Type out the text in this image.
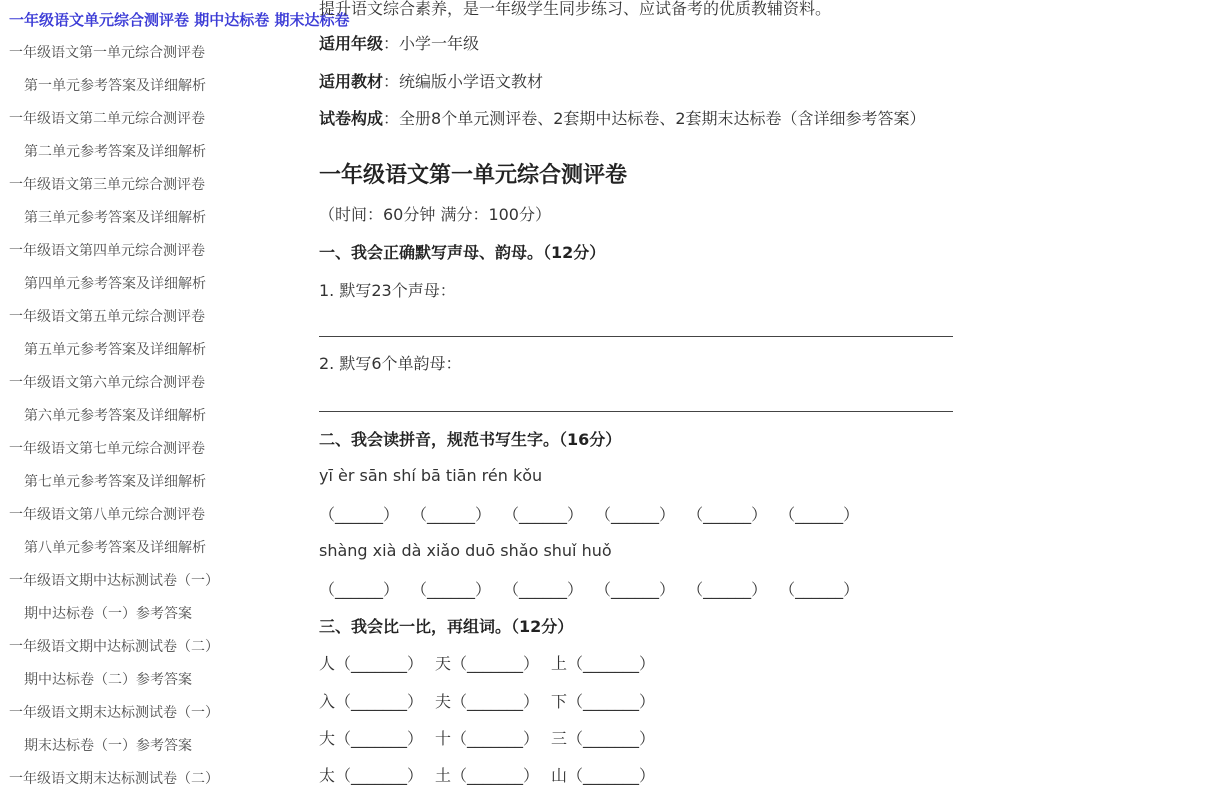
一年级语文单元综合测评卷 期中达标卷 期末达标卷
一年级语文第一单元综合测评卷
第一单元参考答案及详细解析
一年级语文第二单元综合测评卷
第二单元参考答案及详细解析
一年级语文第三单元综合测评卷
第三单元参考答案及详细解析
一年级语文第四单元综合测评卷
第四单元参考答案及详细解析
一年级语文第五单元综合测评卷
第五单元参考答案及详细解析
一年级语文第六单元综合测评卷
第六单元参考答案及详细解析
一年级语文第七单元综合测评卷
第七单元参考答案及详细解析
一年级语文第八单元综合测评卷
第八单元参考答案及详细解析
一年级语文期中达标测试卷（一）
期中达标卷（一）参考答案
一年级语文期中达标测试卷（二）
期中达标卷（二）参考答案
一年级语文期末达标测试卷（一）
期末达标卷（一）参考答案
一年级语文期末达标测试卷（二）
提升语文综合素养，是一年级学生同步练习、应试备考的优质教辅资料。
适用年级：小学一年级
适用教材：统编版小学语文教材
试卷构成：全册8个单元测评卷、2套期中达标卷、2套期末达标卷（含详细参考答案）
一年级语文第一单元综合测评卷
（时间：60分钟 满分：100分）
一、我会正确默写声母、韵母。（12分）
1. 默写23个声母：
2. 默写6个单韵母：
二、我会读拼音，规范书写生字。（16分）
yī èr sān shí bā tiān rén kǒu
（______） （______） （______） （______） （______） （______）
shàng xià dà xiǎo duō shǎo shuǐ huǒ
（______） （______） （______） （______） （______） （______）
三、我会比一比，再组词。（12分）
人（_______） 天（_______） 上（_______）
入（_______） 夫（_______） 下（_______）
大（_______） 十（_______） 三（_______）
太（_______） 土（_______） 山（_______）
